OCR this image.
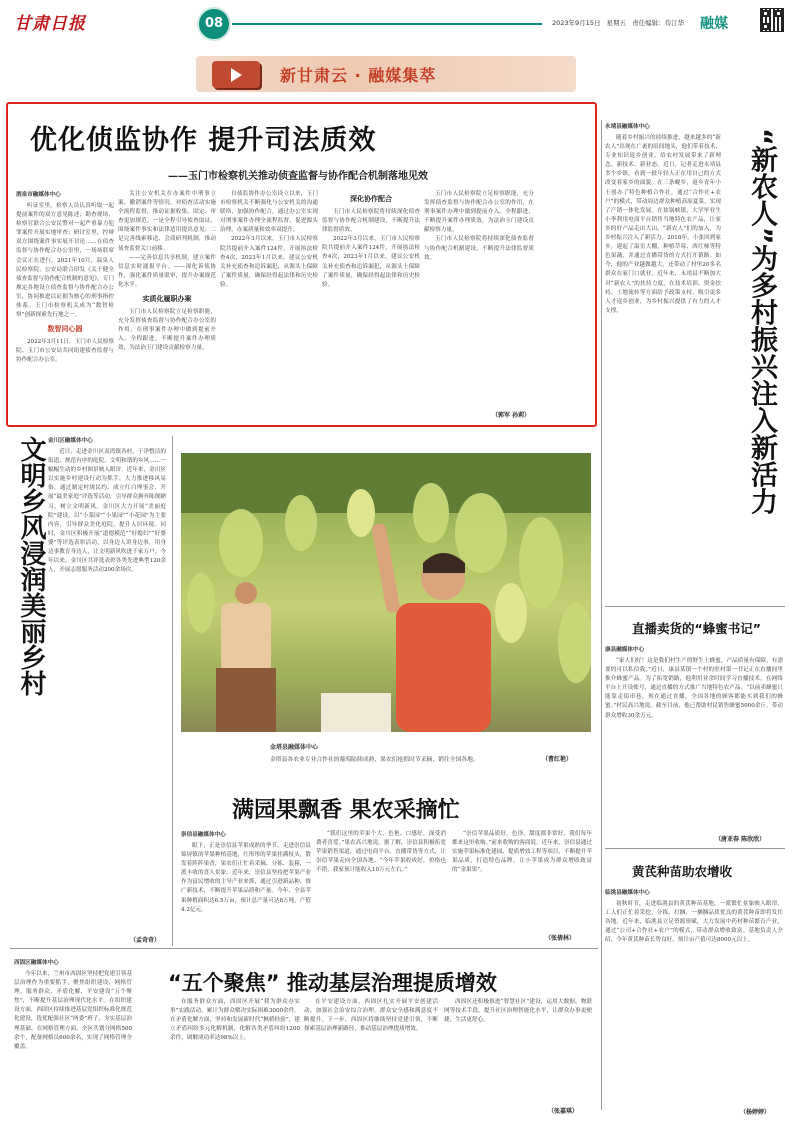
甘肃日报	08	2023年9月15日 星期五 责任编辑：苟江华 融媒
新甘肃云 · 融媒集萃
优化侦监协作 提升司法质效
——玉门市检察机关推动侦查监督与协作配合机制落地见效
酒泉市融媒体中心

听证室里，检察人员认真听取一起提前案件的双方意见陈述；勘查现场，检察官联合公安民警对一起严重暴力犯罪案件开展实地审查；研讨室里，控辩双方围绕案件事实展开讨论……在侦查监督与协作配合办公室里，一场场联席会议正在进行。2021年10月，温泉人民检察院、公安局联合印发《关于健全侦查监督与协作配合机制的意见》，专门规定各地设立侦查监督与协作配合办公室，协同推进以证据为核心的刑事指控体系。玉门市检察机关成为“数智检察”创新探索先行地之一。

数智同心圆

2022年3月11日，玉门市人民检察院、玉门市公安局共同组建侦查监督与协作配合办公室。

关注公安机关在办案件中刑事立案、撤销案件等情况，对侦查活动实施全流程监督，推动证据收集、固定、审查更加规范。一是全程引导侦查取证，围绕案件事实和法律适用提出意见；二是完善线索移送、会商研判机制，推动侦查监督关口前移。

——完善信息共享机制，建立案件信息实时通报平台。——深化诉侦协作，强化案件质量联审，提升办案规范化水平。

实质化履职办案

玉门市人民检察院立足检察职能，充分发挥侦查监督与协作配合办公室的作用，在刑事案件办理中做到提前介入、全程跟进，不断提升案件办理质效，为法治玉门建设贡献检察力量。

自侦监协作办公室设立以来，玉门市检察机关不断强化与公安机关的沟通联络，加强协作配合，通过办公室实现对刑事案件办理全流程监督，促进源头治理，办案质量和效率双提升。

2022年3月以来，玉门市人民检察院共提前介入案件124件，开展执法检查4次，2023年1月以来，建议公安机关补充侦查和追诉漏犯，从源头上保障了案件质量，确保经得起法律和历史检验。

深化协作配合

玉门市人民检察院将持续深化侦查监督与协作配合机制建设，不断提升法律监督质效。

2022年3月以来，玉门市人民检察院共提前介入案件124件，开展执法检查4次，2023年1月以来，建议公安机关补充侦查和追诉漏犯，从源头上保障了案件质量，确保经得起法律和历史检验。

玉门市人民检察院立足检察职能，充分发挥侦查监督与协作配合办公室的作用，在刑事案件办理中做到提前介入、全程跟进，不断提升案件办理质效，为法治玉门建设贡献检察力量。

玉门市人民检察院将持续深化侦查监督与协作配合机制建设，不断提升法律监督质效。

（郭军 孙莉）
永靖县融媒体中心

随着乡村振兴的持续推进，越来越多的“新农人”出现在广袤的田间地头，他们带着技术、专业知识返乡创业，给农村发展带来了新理念、新技术、新业态。近日，记者走进永靖县多个乡镇，看到一批年轻人正在用自己的方式改变着家乡的面貌。在三条岘乡，返乡青年小王创办了特色种植合作社，通过“合作社+农户”的模式，带动周边群众种植高原夏菜，实现了产销一体化发展。在盐锅峡镇，大学毕业生小李利用电商平台销售当地特色农产品，让家乡的好产品走出大山。“新农人”们的加入，为乡村振兴注入了新活力。2018年，小张回到家乡，建起了温室大棚，种植草莓、西红柿等特色果蔬，并通过直播带货的方式打开销路。如今，他的产业越做越大，还带动了村里20多名群众在家门口就业。近年来，永靖县不断加大对“新农人”的扶持力度，在技术培训、资金扶持、土地流转等方面给予政策支持，吸引更多人才返乡创业，为乡村振兴提供了有力的人才支撑。	“新农人”为多村振兴注入新活力
直播卖货的“蜂蜜书记”
康县融媒体中心

“家人们好！这是我们村生产的野生土蜂蜜，产品质量有保障，有需要的可以私信我。”近日，康县某镇一个村的驻村第一书记正在直播间里推介蜂蜜产品。为了拓宽销路，他利用业余时间学习直播技术，在网络平台上开设账号，通过直播的方式推广当地特色农产品。“以前卖蜂蜜只能靠走街串巷，现在通过直播，全国各地的顾客都能买到我们的蜂蜜。”村民高兴地说。截至目前，他已帮助村民销售蜂蜜5000余斤，带动群众增收30余万元。

（唐亚春 陈欣欣）
黄芪种苗助农增收
临洮县融媒体中心

初秋时节，走进临洮县的黄芪种苗基地，一派繁忙景象映入眼帘。工人们正忙着采挖、分拣、打捆，一捆捆品质优良的黄芪种苗即将发往各地。近年来，临洮县立足资源禀赋，大力发展中药材种苗繁育产业，通过“公司+合作社+农户”的模式，带动群众增收致富。基地负责人介绍，今年黄芪种苗长势良好，预计亩产值可达8000元以上。

（杨婷婷）
文明乡风浸润美丽乡村 金川区融媒体中心

近日，走进金川区双湾镇各村，干净整洁的街道、规范有序的庭院、文明和谐的乡风……一幅幅生动的乡村图景映入眼帘。近年来，金川区以实施乡村建设行动为抓手，大力推进移风易俗，通过制定村规民约、成立红白理事会、开展“最美家庭”评选等活动，引导群众摒弃陈规陋习，树立文明新风。金川区大力开展“美丽庭院”建设，以“小菜园”“小果园”“小花园”为主要内容，引导群众美化庭院，提升人居环境。同时，金川区积极开展“道德模范”“好媳妇”“好婆婆”等评选表彰活动，以身边人讲身边事，用身边事教育身边人，让文明新风吹进千家万户。今年以来，金川区共评选表彰各类先进典型120余人，开展志愿服务活动200余场次。

（孟奇奇）
金塔县融媒体中心
金塔县各农业专业合作社的葡萄陆续成熟，果农们抢抓时节采摘，销往全国各地。	（曹红艳）
满园果飘香 果农采摘忙
崇信县融媒体中心

眼下，正是崇信县苹果成熟的季节。走进崇信县锦屏镇的苹果种植基地，红彤彤的苹果挂满枝头，散发着阵阵果香，果农们正忙着采摘、分拣、装箱，一派丰收的喜人景象。近年来，崇信县坚持把苹果产业作为富民增收的主导产业来抓，通过引进新品种、推广新技术，不断提升苹果品质和产量。今年，全县苹果种植面积达6.5万亩，预计总产量可达8万吨，产值4.2亿元。

“我们这里的苹果个大、色艳、口感好，深受消费者喜爱。”果农高兴地说。据了解，崇信县积极拓宽苹果销售渠道，通过电商平台、直播带货等方式，让崇信苹果走向全国各地。“今年苹果收成好，价格也不错，我家预计能收入10万元左右。”

“崇信苹果品质好，色泽、甜度都非常好，我们每年都来这里收购。”前来收购的客商说。近年来，崇信县通过实施苹果标准化建园、提质增效工程等项目，不断提升苹果品质，打造特色品牌，让小苹果成为群众增收致富的“金果果”。

（张倩林）
西固区融媒体中心

今年以来，兰州市西固区坚持把党建引领基层治理作为重要抓手，聚焦组织建设、网格管理、服务群众、矛盾化解、平安建设“五个聚焦”，不断提升基层治理现代化水平。在组织建设方面，西固区持续推进基层党组织标准化规范化建设，选优配强社区“两委”班子，夯实基层治理基础。在网格管理方面，全区共划分网格500余个，配备网格员600余名，实现了网格管理全覆盖。

“五个聚焦” 推动基层治理提质增效

在服务群众方面，西固区开展“我为群众办实事”实践活动，累计为群众解决实际困难3000余件。在矛盾化解方面，坚持和发展新时代“枫桥经验”，建立矛盾纠纷多元化解机制，化解各类矛盾纠纷1200余件，调解成功率达98%以上。

在平安建设方面，西固区扎实开展平安创建活动，加强社会治安综合治理，群众安全感和满意度不断提升。下一步，西固区将继续坚持党建引领，不断探索基层治理新路径，推动基层治理提质增效。

西固区还积极推进“智慧社区”建设，运用大数据、物联网等技术手段，提升社区治理智能化水平，让群众办事更便捷、生活更舒心。

（张嘉琪）
